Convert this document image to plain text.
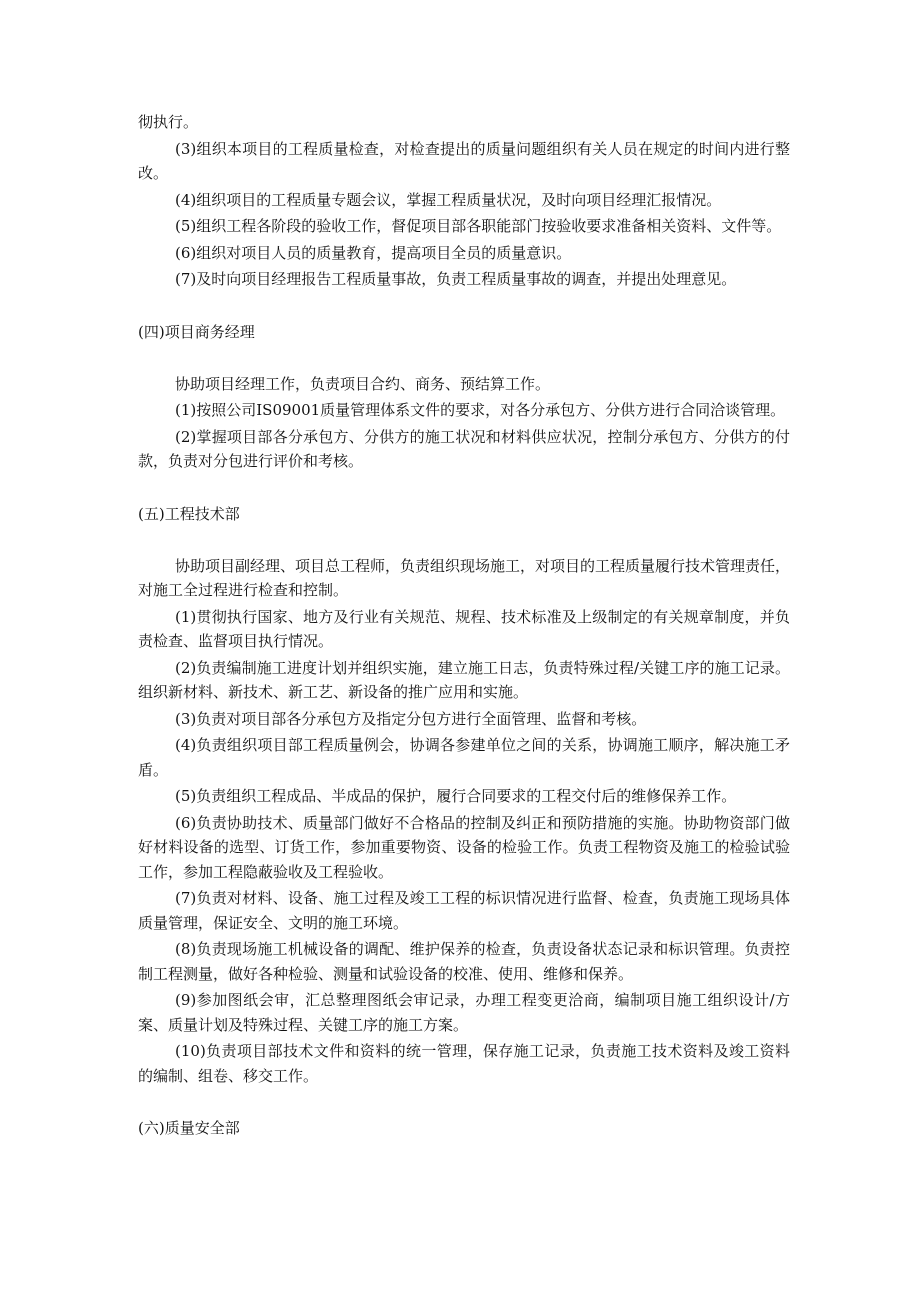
彻执行。

(3)组织本项目的工程质量检查，对检查提出的质量问题组织有关人员在规定的时间内进行整改。

(4)组织项目的工程质量专题会议，掌握工程质量状况，及时向项目经理汇报情况。

(5)组织工程各阶段的验收工作，督促项目部各职能部门按验收要求准备相关资料、文件等。

(6)组织对项目人员的质量教育，提高项目全员的质量意识。

(7)及时向项目经理报告工程质量事故，负责工程质量事故的调查，并提出处理意见。

(四)项目商务经理

协助项目经理工作，负责项目合约、商务、预结算工作。

(1)按照公司IS09001质量管理体系文件的要求，对各分承包方、分供方进行合同洽谈管理。

(2)掌握项目部各分承包方、分供方的施工状况和材料供应状况，控制分承包方、分供方的付款，负责对分包进行评价和考核。

(五)工程技术部

协助项目副经理、项目总工程师，负责组织现场施工，对项目的工程质量履行技术管理责任，对施工全过程进行检查和控制。

(1)贯彻执行国家、地方及行业有关规范、规程、技术标准及上级制定的有关规章制度，并负责检查、监督项目执行情况。

(2)负责编制施工进度计划并组织实施，建立施工日志，负责特殊过程/关键工序的施工记录。组织新材料、新技术、新工艺、新设备的推广应用和实施。

(3)负责对项目部各分承包方及指定分包方进行全面管理、监督和考核。

(4)负责组织项目部工程质量例会，协调各参建单位之间的关系，协调施工顺序，解决施工矛盾。

(5)负责组织工程成品、半成品的保护，履行合同要求的工程交付后的维修保养工作。

(6)负责协助技术、质量部门做好不合格品的控制及纠正和预防措施的实施。协助物资部门做好材料设备的选型、订货工作，参加重要物资、设备的检验工作。负责工程物资及施工的检验试验工作，参加工程隐蔽验收及工程验收。

(7)负责对材料、设备、施工过程及竣工工程的标识情况进行监督、检查，负责施工现场具体质量管理，保证安全、文明的施工环境。

(8)负责现场施工机械设备的调配、维护保养的检查，负责设备状态记录和标识管理。负责控制工程测量，做好各种检验、测量和试验设备的校准、使用、维修和保养。

(9)参加图纸会审，汇总整理图纸会审记录，办理工程变更洽商，编制项目施工组织设计/方案、质量计划及特殊过程、关键工序的施工方案。

(10)负责项目部技术文件和资料的统一管理，保存施工记录，负责施工技术资料及竣工资料的编制、组卷、移交工作。

(六)质量安全部
